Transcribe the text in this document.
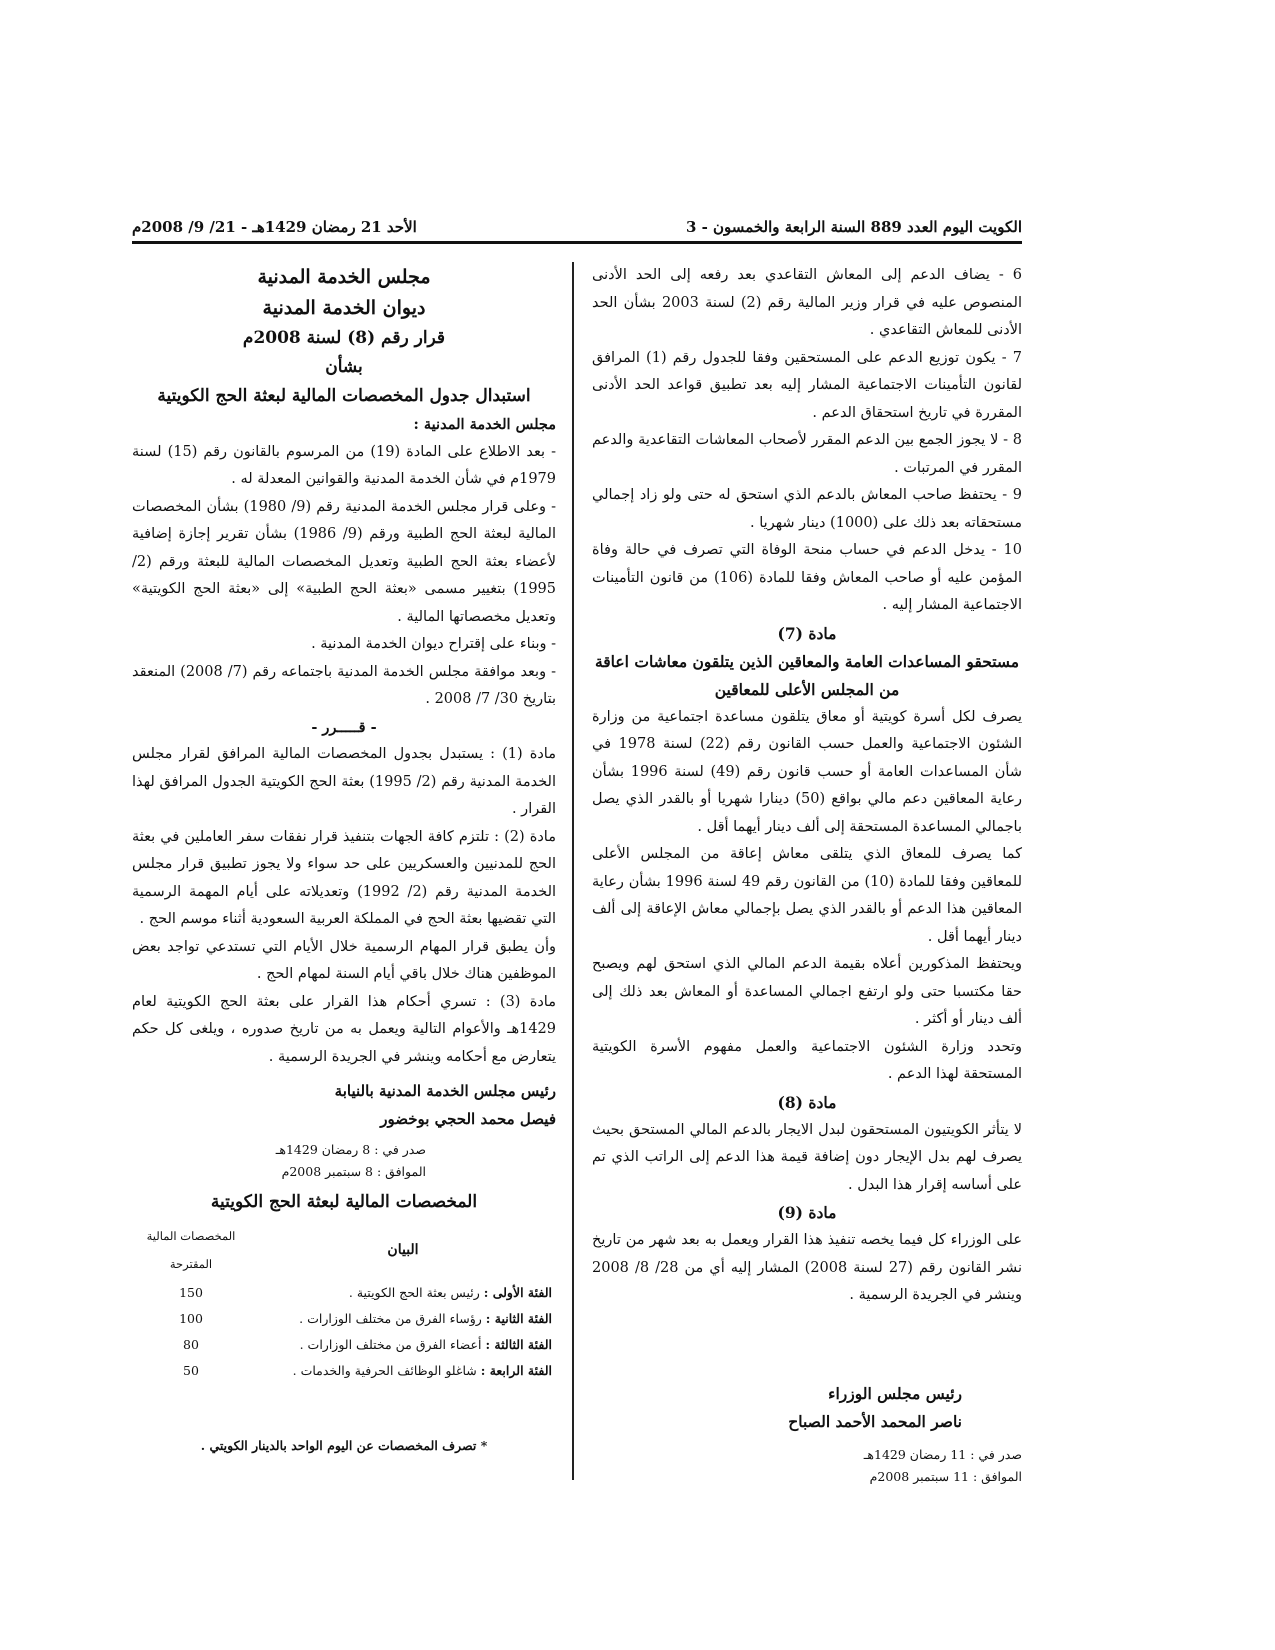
الكويت اليوم العدد 889 السنة الرابعة والخمسون - 3
الأحد 21 رمضان 1429هـ - 21/ 9/ 2008م

6 - يضاف الدعم إلى المعاش التقاعدي بعد رفعه إلى الحد الأدنى المنصوص عليه في قرار وزير المالية رقم (2) لسنة 2003 بشأن الحد الأدنى للمعاش التقاعدي .

7 - يكون توزيع الدعم على المستحقين وفقا للجدول رقم (1) المرافق لقانون التأمينات الاجتماعية المشار إليه بعد تطبيق قواعد الحد الأدنى المقررة في تاريخ استحقاق الدعم .

8 - لا يجوز الجمع بين الدعم المقرر لأصحاب المعاشات التقاعدية والدعم المقرر في المرتبات .

9 - يحتفظ صاحب المعاش بالدعم الذي استحق له حتى ولو زاد إجمالي مستحقاته بعد ذلك على (1000) دينار شهريا .

10 - يدخل الدعم في حساب منحة الوفاة التي تصرف في حالة وفاة المؤمن عليه أو صاحب المعاش وفقا للمادة (106) من قانون التأمينات الاجتماعية المشار إليه .

مادة (7)

مستحقو المساعدات العامة والمعاقين الذين يتلقون معاشات اعاقة من المجلس الأعلى للمعاقين

يصرف لكل أسرة كويتية أو معاق يتلقون مساعدة اجتماعية من وزارة الشئون الاجتماعية والعمل حسب القانون رقم (22) لسنة 1978 في شأن المساعدات العامة أو حسب قانون رقم (49) لسنة 1996 بشأن رعاية المعاقين دعم مالي بواقع (50) دينارا شهريا أو بالقدر الذي يصل باجمالي المساعدة المستحقة إلى ألف دينار أيهما أقل .

كما يصرف للمعاق الذي يتلقى معاش إعاقة من المجلس الأعلى للمعاقين وفقا للمادة (10) من القانون رقم 49 لسنة 1996 بشأن رعاية المعاقين هذا الدعم أو بالقدر الذي يصل بإجمالي معاش الإعاقة إلى ألف دينار أيهما أقل .

ويحتفظ المذكورين أعلاه بقيمة الدعم المالي الذي استحق لهم ويصبح حقا مكتسبا حتى ولو ارتفع اجمالي المساعدة أو المعاش بعد ذلك إلى ألف دينار أو أكثر .

وتحدد وزارة الشئون الاجتماعية والعمل مفهوم الأسرة الكويتية المستحقة لهذا الدعم .

مادة (8)

لا يتأثر الكويتيون المستحقون لبدل الايجار بالدعم المالي المستحق بحيث يصرف لهم بدل الإيجار دون إضافة قيمة هذا الدعم إلى الراتب الذي تم على أساسه إقرار هذا البدل .

مادة (9)

على الوزراء كل فيما يخصه تنفيذ هذا القرار ويعمل به بعد شهر من تاريخ نشر القانون رقم (27 لسنة 2008) المشار إليه أي من 28/ 8/ 2008 وينشر في الجريدة الرسمية .

رئيس مجلس الوزراء
ناصر المحمد الأحمد الصباح
صدر في : 11 رمضان 1429هـ
الموافق : 11 سبتمبر 2008م

مجلس الخدمة المدنية

ديوان الخدمة المدنية

قرار رقم (8) لسنة 2008م

بشأن

استبدال جدول المخصصات المالية لبعثة الحج الكويتية

مجلس الخدمة المدنية :

- بعد الاطلاع على المادة (19) من المرسوم بالقانون رقم (15) لسنة 1979م في شأن الخدمة المدنية والقوانين المعدلة له .

- وعلى قرار مجلس الخدمة المدنية رقم (9/ 1980) بشأن المخصصات المالية لبعثة الحج الطبية ورقم (9/ 1986) بشأن تقرير إجازة إضافية لأعضاء بعثة الحج الطبية وتعديل المخصصات المالية للبعثة ورقم (2/ 1995) بتغيير مسمى «بعثة الحج الطبية» إلى «بعثة الحج الكويتية» وتعديل مخصصاتها المالية .

- وبناء على إقتراح ديوان الخدمة المدنية .

- وبعد موافقة مجلس الخدمة المدنية باجتماعه رقم (7/ 2008) المنعقد بتاريخ 30/ 7/ 2008 .

- قـــــرر -

مادة (1) : يستبدل بجدول المخصصات المالية المرافق لقرار مجلس الخدمة المدنية رقم (2/ 1995) بعثة الحج الكويتية الجدول المرافق لهذا القرار .

مادة (2) : تلتزم كافة الجهات بتنفيذ قرار نفقات سفر العاملين في بعثة الحج للمدنيين والعسكريين على حد سواء ولا يجوز تطبيق قرار مجلس الخدمة المدنية رقم (2/ 1992) وتعديلاته على أيام المهمة الرسمية التي تقضيها بعثة الحج في المملكة العربية السعودية أثناء موسم الحج .

وأن يطبق قرار المهام الرسمية خلال الأيام التي تستدعي تواجد بعض الموظفين هناك خلال باقي أيام السنة لمهام الحج .

مادة (3) : تسري أحكام هذا القرار على بعثة الحج الكويتية لعام 1429هـ والأعوام التالية ويعمل به من تاريخ صدوره ، ويلغى كل حكم يتعارض مع أحكامه وينشر في الجريدة الرسمية .

رئيس مجلس الخدمة المدنية بالنيابة
فيصل محمد الحجي بوخضور
صدر في : 8 رمضان 1429هـ
الموافق : 8 سبتمبر 2008م
المخصصات المالية لبعثة الحج الكويتية
البيان	المخصصات المالية المقترحة
الفئة الأولى : رئيس بعثة الحج الكويتية .	150
الفئة الثانية : رؤساء الفرق من مختلف الوزارات .	100
الفئة الثالثة : أعضاء الفرق من مختلف الوزارات .	80
الفئة الرابعة : شاغلو الوظائف الحرفية والخدمات .	50
* تصرف المخصصات عن اليوم الواحد بالدينار الكويتي .
